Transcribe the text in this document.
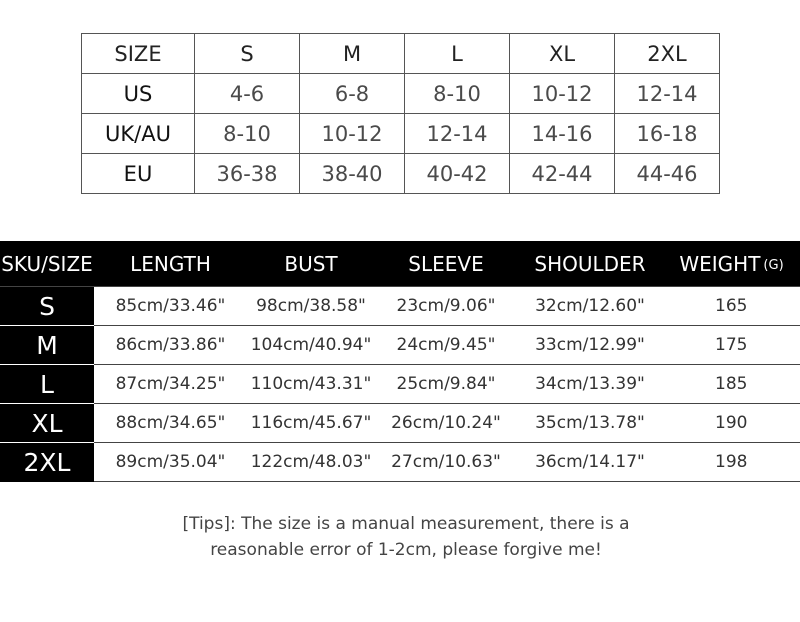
SIZE	S	M	L	XL	2XL
US	4-6	6-8	8-10	10-12	12-14
UK/AU	8-10	10-12	12-14	14-16	16-18
EU	36-38	38-40	40-42	42-44	44-46
SKU/SIZE	LENGTH	BUST	SLEEVE	SHOULDER	WEIGHT (G)
S	85cm/33.46"	98cm/38.58"	23cm/9.06"	32cm/12.60"	165
M	86cm/33.86"	104cm/40.94"	24cm/9.45"	33cm/12.99"	175
L	87cm/34.25"	110cm/43.31"	25cm/9.84"	34cm/13.39"	185
XL	88cm/34.65"	116cm/45.67"	26cm/10.24"	35cm/13.78"	190
2XL	89cm/35.04"	122cm/48.03"	27cm/10.63"	36cm/14.17"	198
[Tips]: The size is a manual measurement, there is a
reasonable error of 1-2cm, please forgive me!
